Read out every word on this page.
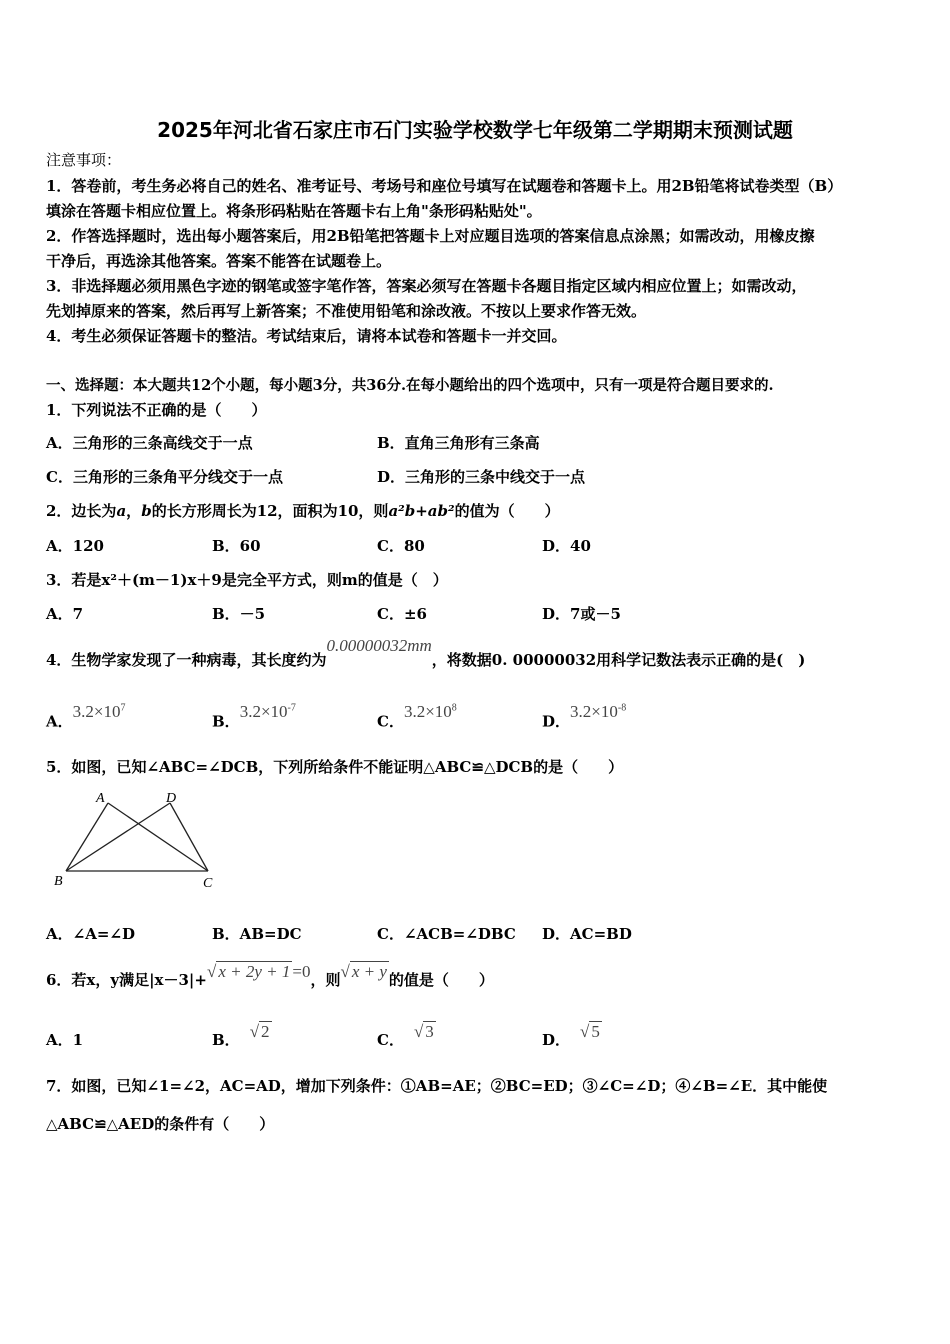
2025年河北省石家庄市石门实验学校数学七年级第二学期期末预测试题
注意事项：
1．答卷前，考生务必将自己的姓名、准考证号、考场号和座位号填写在试题卷和答题卡上。用2B铅笔将试卷类型（B）
填涂在答题卡相应位置上。将条形码粘贴在答题卡右上角"条形码粘贴处"。
2．作答选择题时，选出每小题答案后，用2B铅笔把答题卡上对应题目选项的答案信息点涂黑；如需改动，用橡皮擦
干净后，再选涂其他答案。答案不能答在试题卷上。
3．非选择题必须用黑色字迹的钢笔或签字笔作答，答案必须写在答题卡各题目指定区域内相应位置上；如需改动，
先划掉原来的答案，然后再写上新答案；不准使用铅笔和涂改液。不按以上要求作答无效。
4．考生必须保证答题卡的整洁。考试结束后，请将本试卷和答题卡一并交回。
一、选择题：本大题共12个小题，每小题3分，共36分.在每小题给出的四个选项中，只有一项是符合题目要求的.
1．下列说法不正确的是（　　）
A．三角形的三条高线交于一点	B．直角三角形有三条高
C．三角形的三条角平分线交于一点	D．三角形的三条中线交于一点
2．边长为a，b的长方形周长为12，面积为10，则a²b+ab²的值为（　　）
A．120	B．60	C．80	D．40
3．若是x²＋(m－1)x＋9是完全平方式，则m的值是（　）
A．7	B．－5	C．±6	D．7或－5
4．生物学家发现了一种病毒，其长度约为0.00000032mm，将数据0. 00000032用科学记数法表示正确的是(　)
A．$3.2\times 10^7$
B．$3.2\times 10^{-7}$
C．$3.2\times 10^8$
D．$3.2\times 10^{-8}$
5．如图，已知∠ABC=∠DCB，下列所给条件不能证明△ABC≌△DCB的是（　　）
A	D
B	C
A．∠A=∠D	B．AB=DC	C．∠ACB=∠DBC D．AC=BD
6．若x，y满足|x－3|+√ x + 2y + 1 =0，则√ x + y 的值是（　　）
A．1	B． √ 2	C． √ 3	D． √ 5
7．如图，已知∠1=∠2，AC=AD，增加下列条件：①AB=AE；②BC=ED；③∠C=∠D；④∠B=∠E．其中能使
△ABC≌△AED的条件有（　　）
